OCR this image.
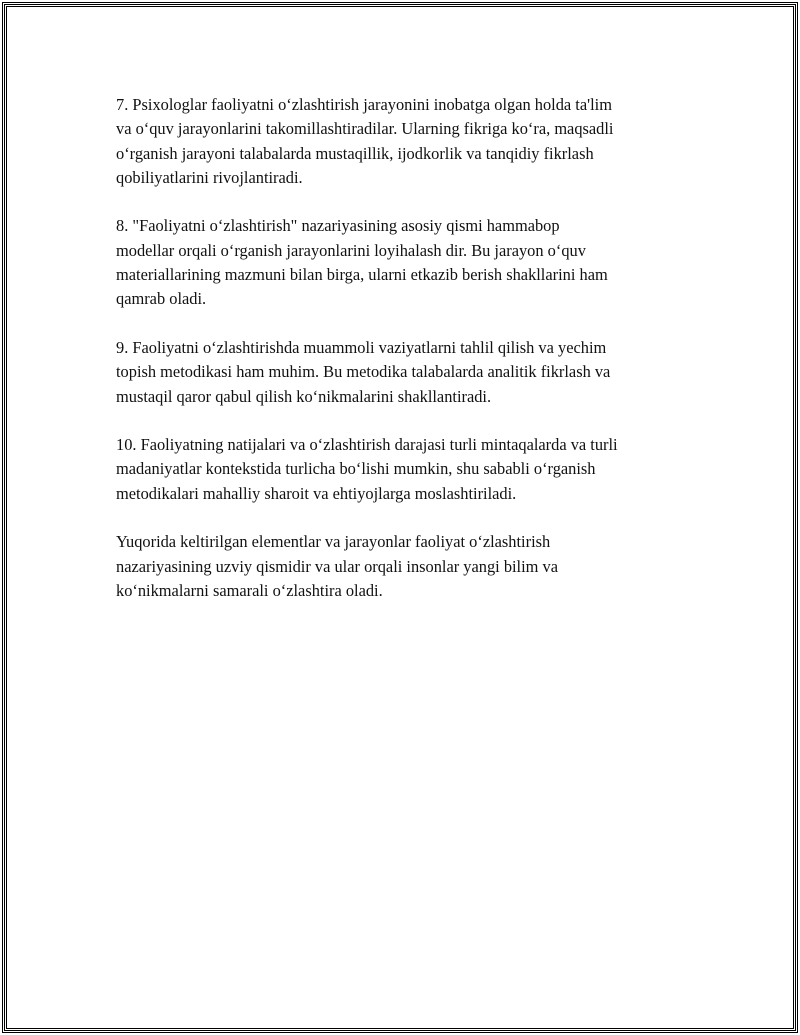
7. Psixologlar faoliyatni o‘zlashtirish jarayonini inobatga olgan holda ta'lim
va o‘quv jarayonlarini takomillashtiradilar. Ularning fikriga ko‘ra, maqsadli
o‘rganish jarayoni talabalarda mustaqillik, ijodkorlik va tanqidiy fikrlash
qobiliyatlarini rivojlantiradi.

8. "Faoliyatni o‘zlashtirish" nazariyasining asosiy qismi hammabop
modellar orqali o‘rganish jarayonlarini loyihalash dir. Bu jarayon o‘quv
materiallarining mazmuni bilan birga, ularni etkazib berish shakllarini ham
qamrab oladi.

9. Faoliyatni o‘zlashtirishda muammoli vaziyatlarni tahlil qilish va yechim
topish metodikasi ham muhim. Bu metodika talabalarda analitik fikrlash va
mustaqil qaror qabul qilish ko‘nikmalarini shakllantiradi.

10. Faoliyatning natijalari va o‘zlashtirish darajasi turli mintaqalarda va turli
madaniyatlar kontekstida turlicha bo‘lishi mumkin, shu sababli o‘rganish
metodikalari mahalliy sharoit va ehtiyojlarga moslashtiriladi.

Yuqorida keltirilgan elementlar va jarayonlar faoliyat o‘zlashtirish
nazariyasining uzviy qismidir va ular orqali insonlar yangi bilim va
ko‘nikmalarni samarali o‘zlashtira oladi.
